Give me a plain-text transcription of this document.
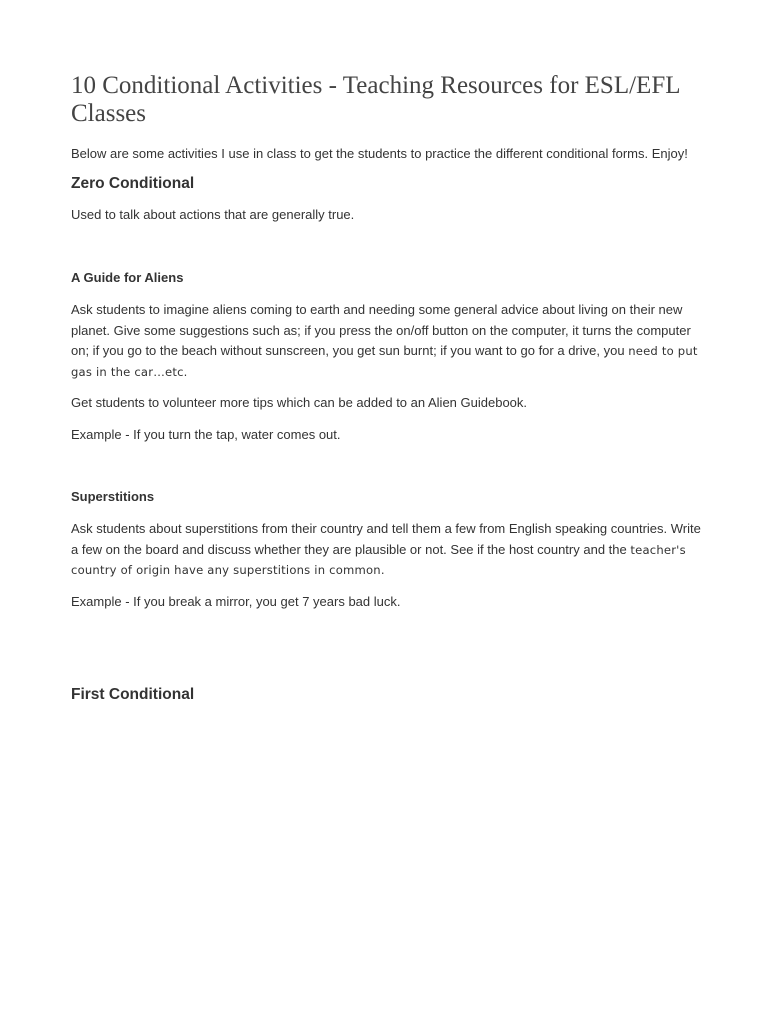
10 Conditional Activities - Teaching Resources for ESL/EFL Classes

Below are some activities I use in class to get the students to practice the different conditional forms. Enjoy!

Zero Conditional

Used to talk about actions that are generally true.

A Guide for Aliens
Ask students to imagine aliens coming to earth and needing some general advice about living on their new planet. Give some suggestions such as; if you press the on/off button on the computer, it turns the computer on; if you go to the beach without sunscreen, you get sun burnt; if you want to go for a drive, you need to put gas in the car…etc.

Get students to volunteer more tips which can be added to an Alien Guidebook.

Example - If you turn the tap, water comes out.

Superstitions
Ask students about superstitions from their country and tell them a few from English speaking countries. Write a few on the board and discuss whether they are plausible or not. See if the host country and the teacher's country of origin have any superstitions in common.

Example - If you break a mirror, you get 7 years bad luck.

First Conditional
